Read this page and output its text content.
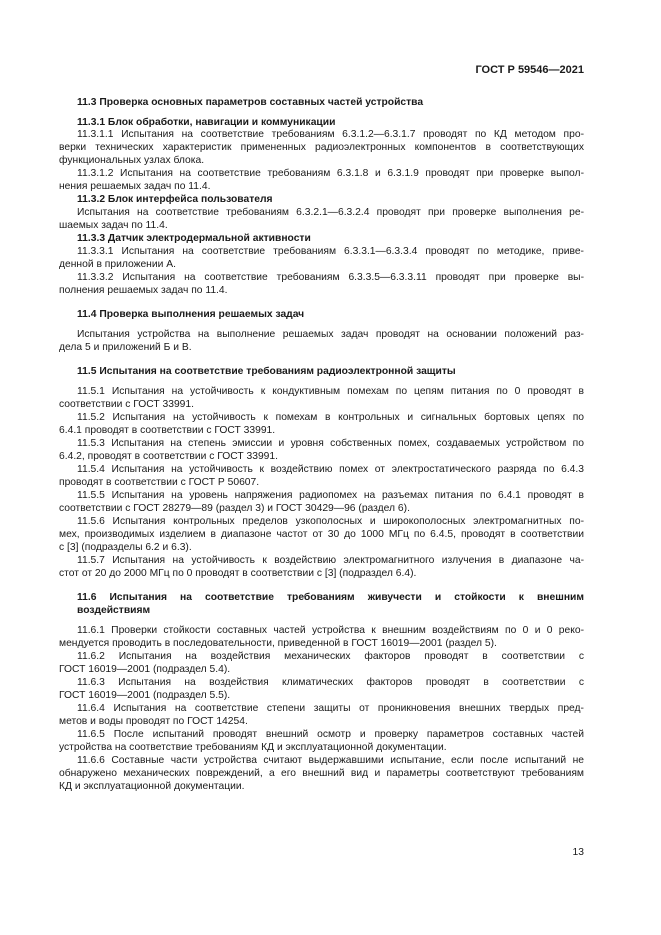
ГОСТ Р 59546—2021
11.3 Проверка основных параметров составных частей устройства
11.3.1 Блок обработки, навигации и коммуникации
11.3.1.1 Испытания на соответствие требованиям 6.3.1.2—6.3.1.7 проводят по КД методом про-
верки технических характеристик примененных радиоэлектронных компонентов в соответствующих
функциональных узлах блока.
11.3.1.2 Испытания на соответствие требованиям 6.3.1.8 и 6.3.1.9 проводят при проверке выпол-
нения решаемых задач по 11.4.
11.3.2 Блок интерфейса пользователя
Испытания на соответствие требованиям 6.3.2.1—6.3.2.4 проводят при проверке выполнения ре-
шаемых задач по 11.4.
11.3.3 Датчик электродермальной активности
11.3.3.1 Испытания на соответствие требованиям 6.3.3.1—6.3.3.4 проводят по методике, приве-
денной в приложении А.
11.3.3.2 Испытания на соответствие требованиям 6.3.3.5—6.3.3.11 проводят при проверке вы-
полнения решаемых задач по 11.4.
11.4 Проверка выполнения решаемых задач
Испытания устройства на выполнение решаемых задач проводят на основании положений раз-
дела 5 и приложений Б и В.
11.5 Испытания на соответствие требованиям радиоэлектронной защиты
11.5.1 Испытания на устойчивость к кондуктивным помехам по цепям питания по 0 проводят в
соответствии с ГОСТ 33991.
11.5.2 Испытания на устойчивость к помехам в контрольных и сигнальных бортовых цепях по
6.4.1 проводят в соответствии с ГОСТ 33991.
11.5.3 Испытания на степень эмиссии и уровня собственных помех, создаваемых устройством по
6.4.2, проводят в соответствии с ГОСТ 33991.
11.5.4 Испытания на устойчивость к воздействию помех от электростатического разряда по 6.4.3
проводят в соответствии с ГОСТ Р 50607.
11.5.5 Испытания на уровень напряжения радиопомех на разъемах питания по 6.4.1 проводят в
соответствии с ГОСТ 28279—89 (раздел 3) и ГОСТ 30429—96 (раздел 6).
11.5.6 Испытания контрольных пределов узкополосных и широкополосных электромагнитных по-
мех, производимых изделием в диапазоне частот от 30 до 1000 МГц по 6.4.5, проводят в соответствии
с [3] (подразделы 6.2 и 6.3).
11.5.7 Испытания на устойчивость к воздействию электромагнитного излучения в диапазоне ча-
стот от 20 до 2000 МГц по 0 проводят в соответствии с [3] (подраздел 6.4).
11.6 Испытания на соответствие требованиям живучести и стойкости к внешним
воздействиям
11.6.1 Проверки стойкости составных частей устройства к внешним воздействиям по 0 и 0 реко-
мендуется проводить в последовательности, приведенной в ГОСТ 16019—2001 (раздел 5).
11.6.2 Испытания на воздействия механических факторов проводят в соответствии с
ГОСТ 16019—2001 (подраздел 5.4).
11.6.3 Испытания на воздействия климатических факторов проводят в соответствии с
ГОСТ 16019—2001 (подраздел 5.5).
11.6.4 Испытания на соответствие степени защиты от проникновения внешних твердых пред-
метов и воды проводят по ГОСТ 14254.
11.6.5 После испытаний проводят внешний осмотр и проверку параметров составных частей
устройства на соответствие требованиям КД и эксплуатационной документации.
11.6.6 Составные части устройства считают выдержавшими испытание, если после испытаний не
обнаружено механических повреждений, а его внешний вид и параметры соответствуют требованиям
КД и эксплуатационной документации.
13
